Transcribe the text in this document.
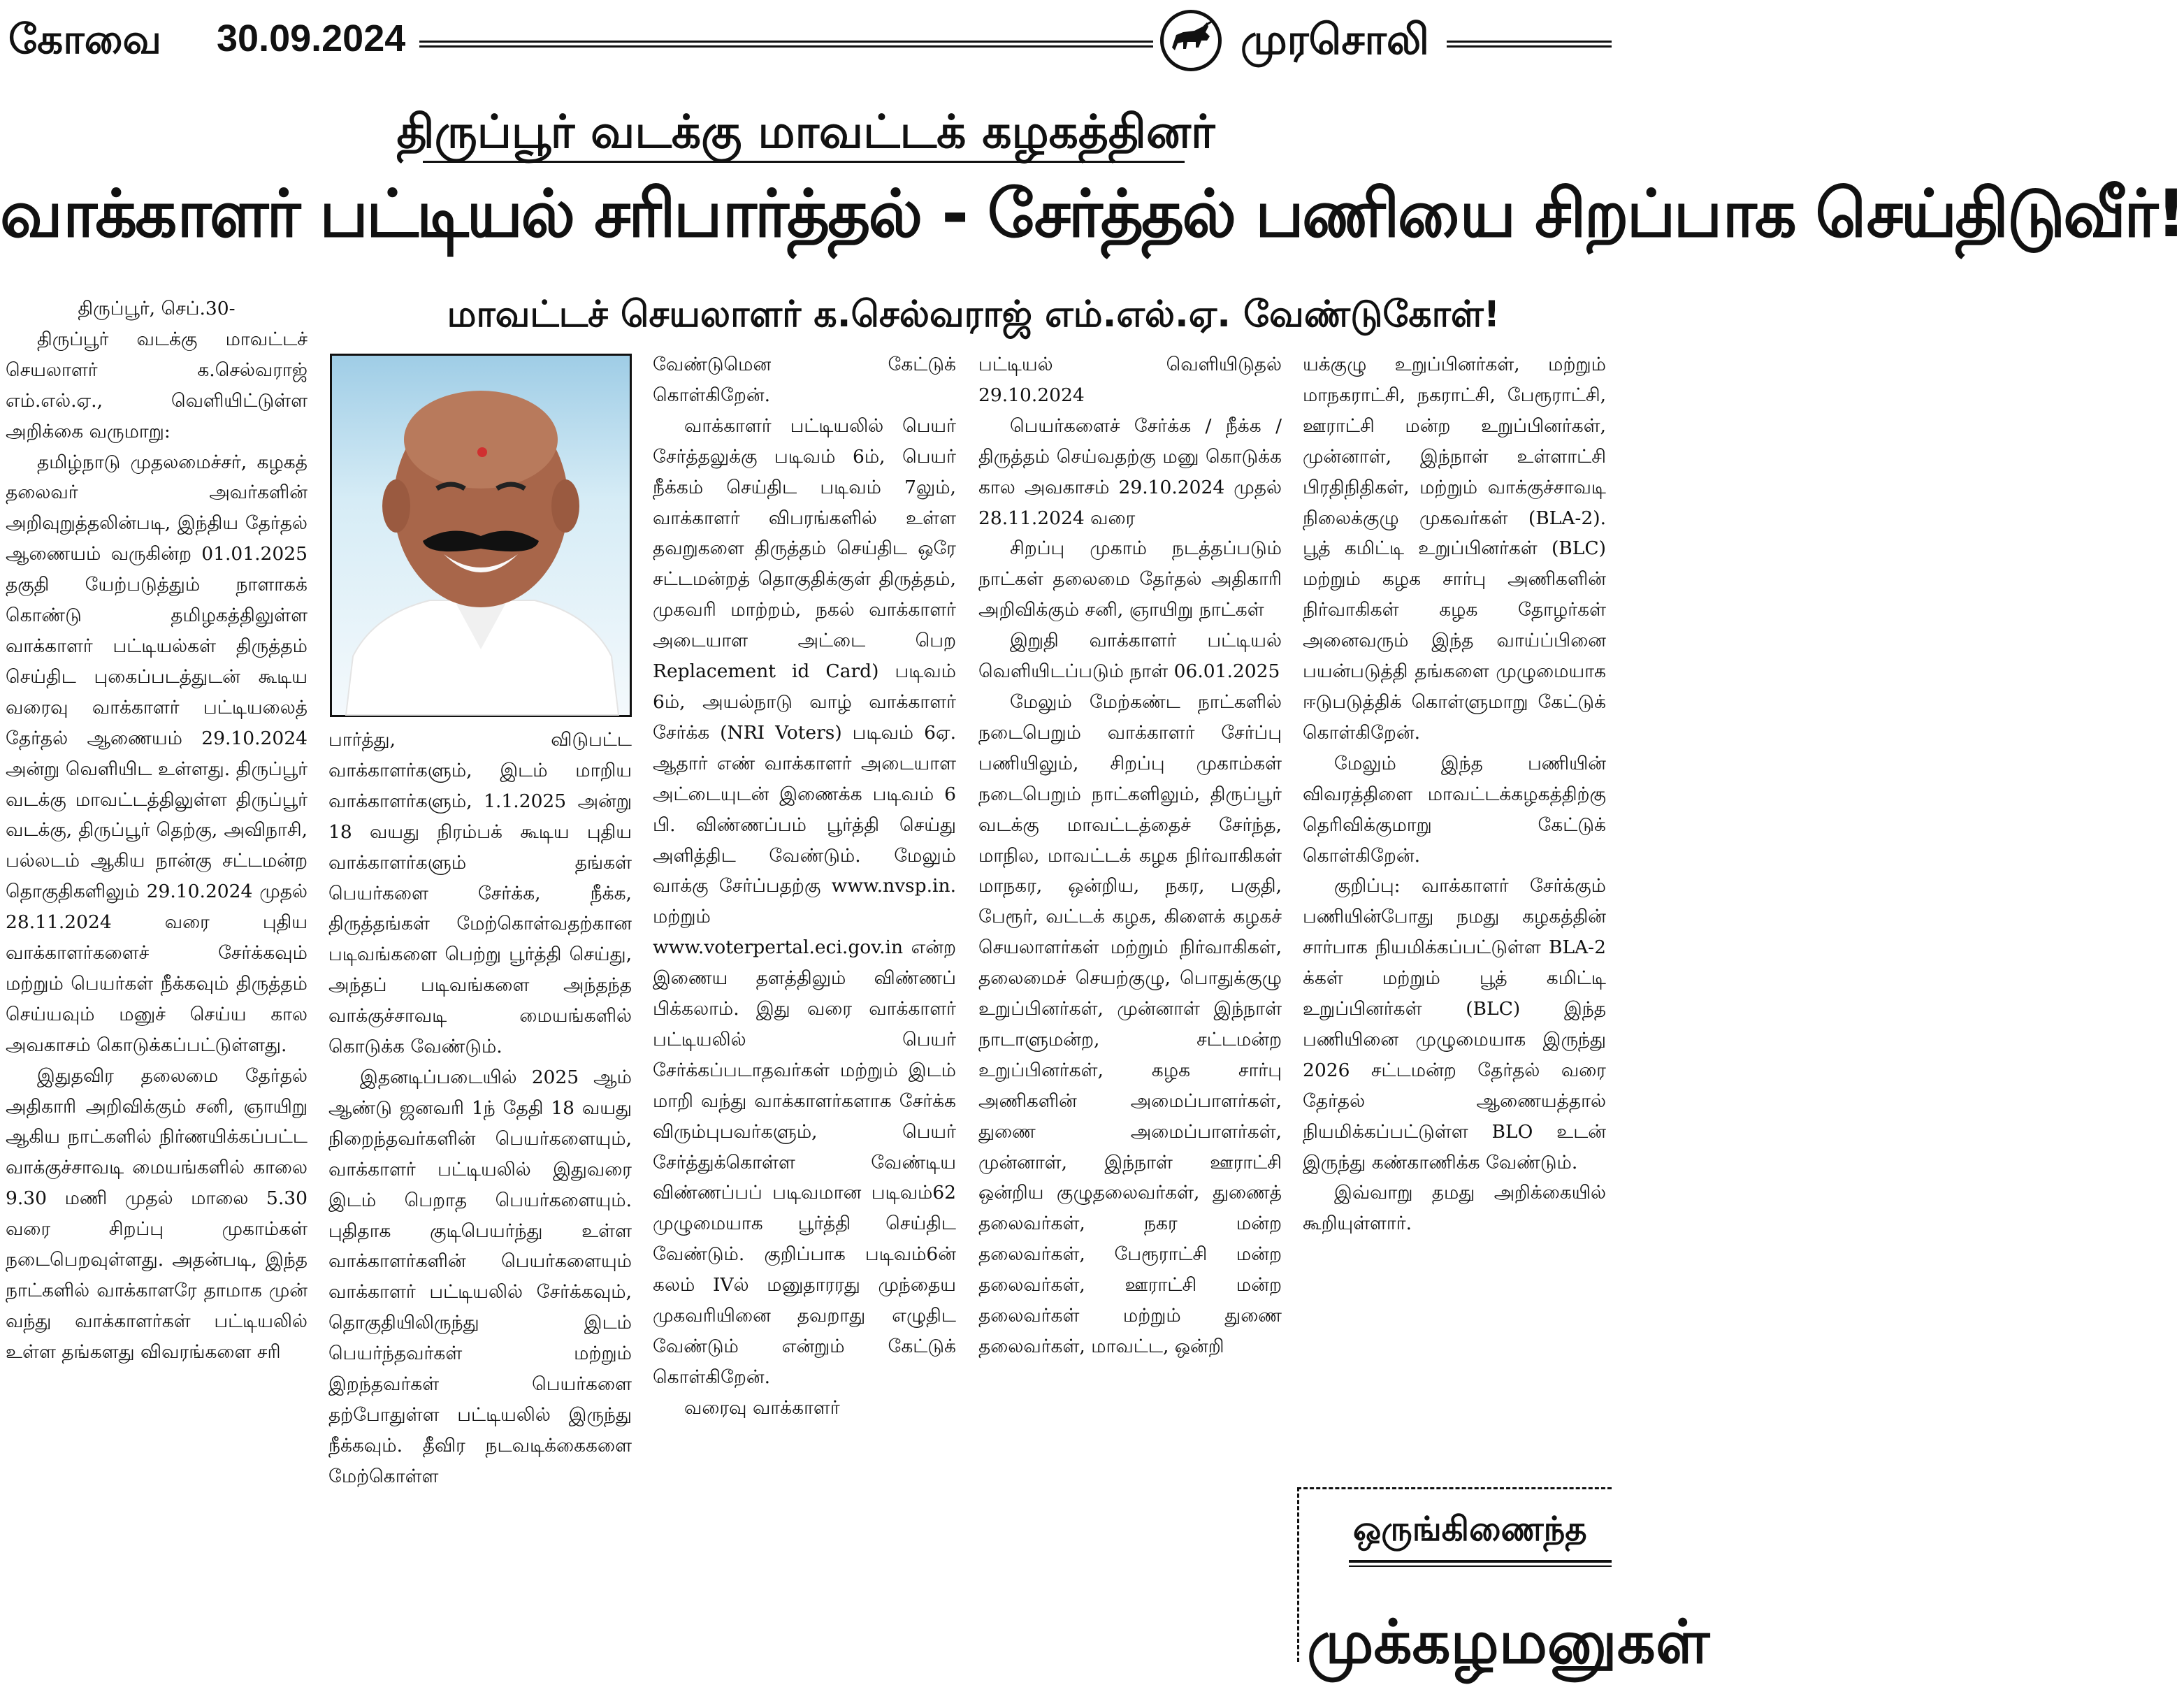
கோவை 30.09.2024	முரசொலி
திருப்பூர் வடக்கு மாவட்டக் கழகத்தினர்
வாக்காளர் பட்டியல் சரிபார்த்தல் - சேர்த்தல் பணியை சிறப்பாக செய்திடுவீர்!
மாவட்டச் செயலாளர் க.செல்வராஜ் எம்.எல்.ஏ. வேண்டுகோள்!

திருப்பூர், செப்.30-

திருப்பூர் வடக்கு மாவட்டச் செயலாளர் க.செல்வராஜ் எம்.எல்.ஏ., வெளியிட்டுள்ள அறிக்கை வருமாறு:

தமிழ்நாடு முதலமைச்சர், கழகத் தலைவர் அவர்களின் அறிவுறுத்தலின்படி, இந்திய தேர்தல் ஆணையம் வருகின்ற 01.01.2025 தகுதி யேற்படுத்தும் நாளாகக் கொண்டு தமிழகத்திலுள்ள வாக்காளர் பட்டியல்கள் திருத்தம் செய்திட புகைப்படத்துடன் கூடிய வரைவு வாக்காளர் பட்டியலைத் தேர்தல் ஆணையம் 29.10.2024 அன்று வெளியிட உள்ளது. திருப்பூர் வடக்கு மாவட்டத்திலுள்ள திருப்பூர் வடக்கு, திருப்பூர் தெற்கு, அவிநாசி, பல்லடம் ஆகிய நான்கு சட்டமன்ற தொகுதிகளிலும் 29.10.2024 முதல் 28.11.2024 வரை புதிய வாக்காளர்களைச் சேர்க்கவும் மற்றும் பெயர்கள் நீக்கவும் திருத்தம் செய்யவும் மனுச் செய்ய கால அவகாசம் கொடுக்கப்பட்டுள்ளது.

இதுதவிர தலைமை தேர்தல் அதிகாரி அறிவிக்கும் சனி, ஞாயிறு ஆகிய நாட்களில் நிர்ணயிக்கப்பட்ட வாக்குச்சாவடி மையங்களில் காலை 9.30 மணி முதல் மாலை 5.30 வரை சிறப்பு முகாம்கள் நடைபெறவுள்ளது. அதன்படி, இந்த நாட்களில் வாக்காளரே தாமாக முன் வந்து வாக்காளர்கள் பட்டியலில் உள்ள தங்களது விவரங்களை சரி

பார்த்து, விடுபட்ட வாக்காளர்களும், இடம் மாறிய வாக்காளர்களும், 1.1.2025 அன்று 18 வயது நிரம்பக் கூடிய புதிய வாக்காளர்களும் தங்கள் பெயர்களை சேர்க்க, நீக்க, திருத்தங்கள் மேற்கொள்வதற்கான படிவங்களை பெற்று பூர்த்தி செய்து, அந்தப் படிவங்களை அந்தந்த வாக்குச்சாவடி மையங்களில் கொடுக்க வேண்டும்.

இதனடிப்படையில் 2025 ஆம் ஆண்டு ஜனவரி 1ந் தேதி 18 வயது நிறைந்தவர்களின் பெயர்களையும், வாக்காளர் பட்டியலில் இதுவரை இடம் பெறாத பெயர்களையும். புதிதாக குடிபெயர்ந்து உள்ள வாக்காளர்களின் பெயர்களையும் வாக்காளர் பட்டியலில் சேர்க்கவும், தொகுதியிலிருந்து இடம் பெயர்ந்தவர்கள் மற்றும் இறந்தவர்கள் பெயர்களை தற்போதுள்ள பட்டியலில் இருந்து நீக்கவும். தீவிர நடவடிக்கைகளை மேற்கொள்ள

வேண்டுமென கேட்டுக் கொள்கிறேன்.

வாக்காளர் பட்டியலில் பெயர் சேர்த்தலுக்கு படிவம் 6ம், பெயர் நீக்கம் செய்திட படிவம் 7லும், வாக்காளர் விபரங்களில் உள்ள தவறுகளை திருத்தம் செய்திட ஒரே சட்டமன்றத் தொகுதிக்குள் திருத்தம், முகவரி மாற்றம், நகல் வாக்காளர் அடையாள அட்டை பெற Replacement id Card) படிவம் 6ம், அயல்நாடு வாழ் வாக்காளர் சேர்க்க (NRI Voters) படிவம் 6ஏ. ஆதார் எண் வாக்காளர் அடையாள அட்டையுடன் இணைக்க படிவம் 6 பி. விண்ணப்பம் பூர்த்தி செய்து அளித்திட வேண்டும். மேலும் வாக்கு சேர்ப்பதற்கு www.nvsp.in. மற்றும் www.voterpertal.eci.gov.in என்ற இணைய தளத்திலும் விண்ணப் பிக்கலாம். இது வரை வாக்காளர் பட்டியலில் பெயர் சேர்க்கப்படாதவர்கள் மற்றும் இடம் மாறி வந்து வாக்காளர்களாக சேர்க்க விரும்புபவர்களும், பெயர் சேர்த்துக்கொள்ள வேண்டிய விண்ணப்பப் படிவமான படிவம்62 முழுமையாக பூர்த்தி செய்திட வேண்டும். குறிப்பாக படிவம்6ன் கலம் IVல் மனுதாரரது முந்தைய முகவரியினை தவறாது எழுதிட வேண்டும் என்றும் கேட்டுக் கொள்கிறேன்.

வரைவு வாக்காளர்

பட்டியல் வெளியிடுதல் 29.10.2024

பெயர்களைச் சேர்க்க / நீக்க / திருத்தம் செய்வதற்கு மனு கொடுக்க கால அவகாசம் 29.10.2024 முதல் 28.11.2024 வரை

சிறப்பு முகாம் நடத்தப்படும் நாட்கள் தலைமை தேர்தல் அதிகாரி அறிவிக்கும் சனி, ஞாயிறு நாட்கள்

இறுதி வாக்காளர் பட்டியல் வெளியிடப்படும் நாள் 06.01.2025

மேலும் மேற்கண்ட நாட்களில் நடைபெறும் வாக்காளர் சேர்ப்பு பணியிலும், சிறப்பு முகாம்கள் நடைபெறும் நாட்களிலும், திருப்பூர் வடக்கு மாவட்டத்தைச் சேர்ந்த, மாநில, மாவட்டக் கழக நிர்வாகிகள் மாநகர, ஒன்றிய, நகர, பகுதி, பேரூர், வட்டக் கழக, கிளைக் கழகச் செயலாளர்கள் மற்றும் நிர்வாகிகள், தலைமைச் செயற்குழு, பொதுக்குழு உறுப்பினர்கள், முன்னாள் இந்நாள் நாடாளுமன்ற, சட்டமன்ற உறுப்பினர்கள், கழக சார்பு அணிகளின் அமைப்பாளர்கள், துணை அமைப்பாளர்கள், முன்னாள், இந்நாள் ஊராட்சி ஒன்றிய குழுதலைவர்கள், துணைத் தலைவர்கள், நகர மன்ற தலைவர்கள், பேரூராட்சி மன்ற தலைவர்கள், ஊராட்சி மன்ற தலைவர்கள் மற்றும் துணை தலைவர்கள், மாவட்ட, ஒன்றி

யக்குழு உறுப்பினர்கள், மற்றும் மாநகராட்சி, நகராட்சி, பேரூராட்சி, ஊராட்சி மன்ற உறுப்பினர்கள், முன்னாள், இந்நாள் உள்ளாட்சி பிரதிநிதிகள், மற்றும் வாக்குச்சாவடி நிலைக்குழு முகவர்கள் (BLA-2). பூத் கமிட்டி உறுப்பினர்கள் (BLC) மற்றும் கழக சார்பு அணிகளின் நிர்வாகிகள் கழக தோழர்கள் அனைவரும் இந்த வாய்ப்பினை பயன்படுத்தி தங்களை முழுமையாக ஈடுபடுத்திக் கொள்ளுமாறு கேட்டுக் கொள்கிறேன்.

மேலும் இந்த பணியின் விவரத்திளை மாவட்டக்கழகத்திற்கு தெரிவிக்குமாறு கேட்டுக் கொள்கிறேன்.

குறிப்பு: வாக்காளர் சேர்க்கும் பணியின்போது நமது கழகத்தின் சார்பாக நியமிக்கப்பட்டுள்ள BLA-2 க்கள் மற்றும் பூத் கமிட்டி உறுப்பினர்கள் (BLC) இந்த பணியினை முழுமையாக இருந்து 2026 சட்டமன்ற தேர்தல் வரை தேர்தல் ஆணையத்தால் நியமிக்கப்பட்டுள்ள BLO உடன் இருந்து கண்காணிக்க வேண்டும்.

இவ்வாறு தமது அறிக்கையில் கூறியுள்ளார்.

ஒருங்கிணைந்த
முக்கழமனுகள்
